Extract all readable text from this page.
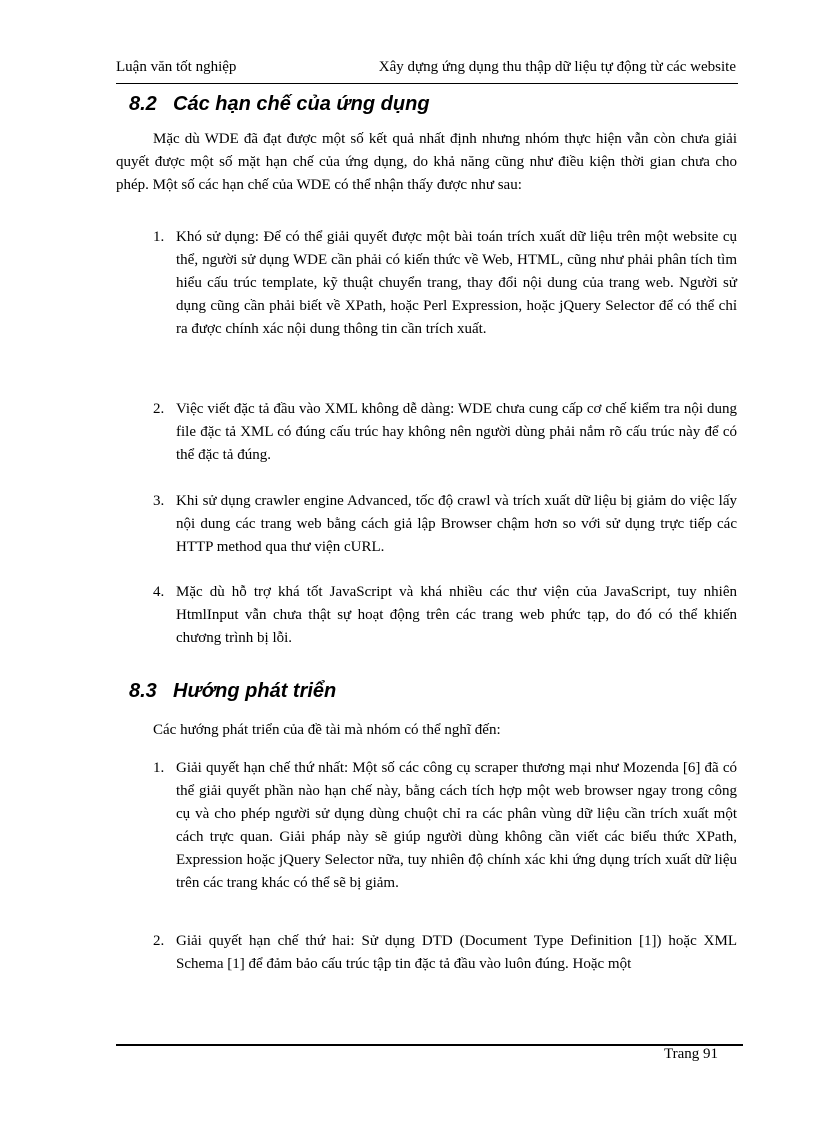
Luận văn tốt nghiệp	Xây dựng ứng dụng thu thập dữ liệu tự động từ các website
8.2 Các hạn chế của ứng dụng
Mặc dù WDE đã đạt được một số kết quả nhất định nhưng nhóm thực hiện vẫn còn chưa giải quyết được một số mặt hạn chế của ứng dụng, do khả năng cũng như điều kiện thời gian chưa cho phép. Một số các hạn chế của WDE có thể nhận thấy được như sau:
1. Khó sử dụng: Để có thể giải quyết được một bài toán trích xuất dữ liệu trên một website cụ thể, người sử dụng WDE cần phải có kiến thức về Web, HTML, cũng như phải phân tích tìm hiểu cấu trúc template, kỹ thuật chuyển trang, thay đổi nội dung của trang web. Người sử dụng cũng cần phải biết về XPath, hoặc Perl Expression, hoặc jQuery Selector để có thể chỉ ra được chính xác nội dung thông tin cần trích xuất.
2. Việc viết đặc tả đầu vào XML không dễ dàng: WDE chưa cung cấp cơ chế kiểm tra nội dung file đặc tả XML có đúng cấu trúc hay không nên người dùng phải nắm rõ cấu trúc này để có thể đặc tả đúng.
3. Khi sử dụng crawler engine Advanced, tốc độ crawl và trích xuất dữ liệu bị giảm do việc lấy nội dung các trang web bằng cách giả lập Browser chậm hơn so với sử dụng trực tiếp các HTTP method qua thư viện cURL.
4. Mặc dù hỗ trợ khá tốt JavaScript và khá nhiều các thư viện của JavaScript, tuy nhiên HtmlInput vẫn chưa thật sự hoạt động trên các trang web phức tạp, do đó có thể khiến chương trình bị lỗi.
8.3 Hướng phát triển
Các hướng phát triển của đề tài mà nhóm có thể nghĩ đến:
1. Giải quyết hạn chế thứ nhất: Một số các công cụ scraper thương mại như Mozenda [6] đã có thể giải quyết phần nào hạn chế này, bằng cách tích hợp một web browser ngay trong công cụ và cho phép người sử dụng dùng chuột chỉ ra các phân vùng dữ liệu cần trích xuất một cách trực quan. Giải pháp này sẽ giúp người dùng không cần viết các biểu thức XPath, Expression hoặc jQuery Selector nữa, tuy nhiên độ chính xác khi ứng dụng trích xuất dữ liệu trên các trang khác có thể sẽ bị giảm.
2. Giải quyết hạn chế thứ hai: Sử dụng DTD (Document Type Definition [1]) hoặc XML Schema [1] để đảm bảo cấu trúc tập tin đặc tả đầu vào luôn đúng. Hoặc một
Trang 91
